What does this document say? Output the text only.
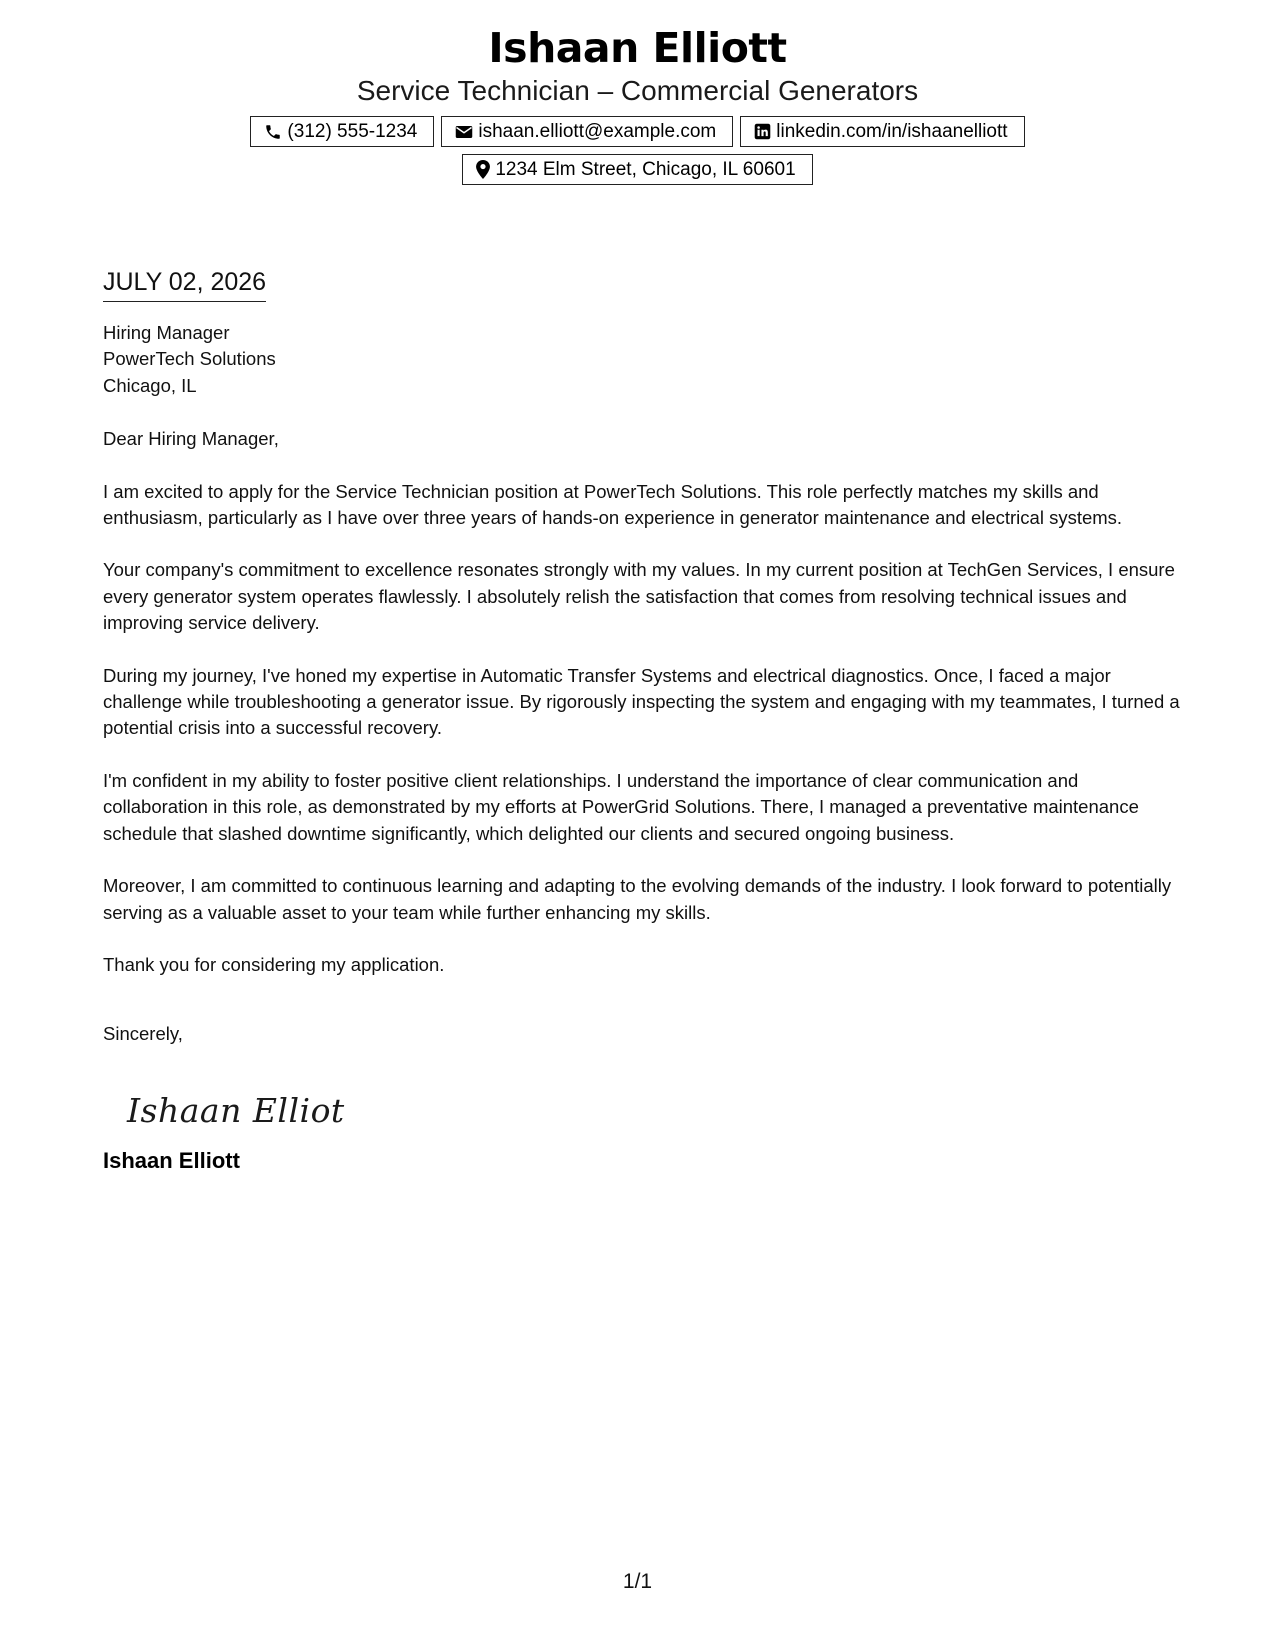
Ishaan Elliott
Service Technician – Commercial Generators
(312) 555-1234	ishaan.elliott@example.com	linkedin.com/in/ishaanelliott
1234 Elm Street, Chicago, IL 60601
JULY 02, 2026
Hiring Manager
PowerTech Solutions
Chicago, IL
Dear Hiring Manager,

I am excited to apply for the Service Technician position at PowerTech Solutions. This role perfectly matches my skills and enthusiasm, particularly as I have over three years of hands-on experience in generator maintenance and electrical systems.

Your company's commitment to excellence resonates strongly with my values. In my current position at TechGen Services, I ensure every generator system operates flawlessly. I absolutely relish the satisfaction that comes from resolving technical issues and improving service delivery.

During my journey, I've honed my expertise in Automatic Transfer Systems and electrical diagnostics. Once, I faced a major challenge while troubleshooting a generator issue. By rigorously inspecting the system and engaging with my teammates, I turned a potential crisis into a successful recovery.

I'm confident in my ability to foster positive client relationships. I understand the importance of clear communication and collaboration in this role, as demonstrated by my efforts at PowerGrid Solutions. There, I managed a preventative maintenance schedule that slashed downtime significantly, which delighted our clients and secured ongoing business.

Moreover, I am committed to continuous learning and adapting to the evolving demands of the industry. I look forward to potentially serving as a valuable asset to your team while further enhancing my skills.

Thank you for considering my application.

Sincerely,
Ishaan Elliott
Ishaan Elliott
1/1
